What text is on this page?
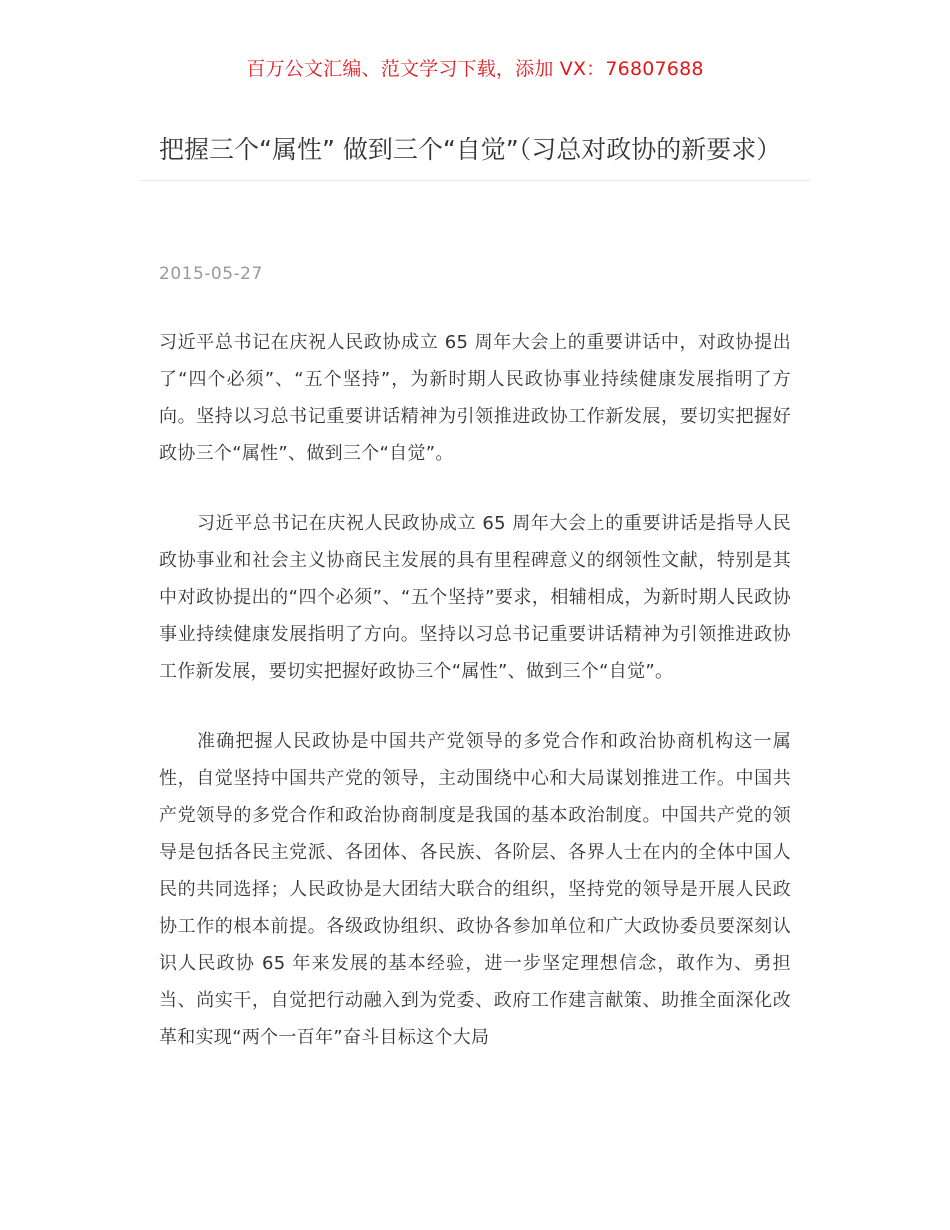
百万公文汇编、范文学习下载，添加 VX：76807688
把握三个“属性” 做到三个“自觉”（习总对政协的新要求）
2015-05-27

习近平总书记在庆祝人民政协成立 65 周年大会上的重要讲话中，对政协提出了“四个必须”、“五个坚持”，为新时期人民政协事业持续健康发展指明了方向。坚持以习总书记重要讲话精神为引领推进政协工作新发展，要切实把握好政协三个“属性”、做到三个“自觉”。

习近平总书记在庆祝人民政协成立 65 周年大会上的重要讲话是指导人民政协事业和社会主义协商民主发展的具有里程碑意义的纲领性文献，特别是其中对政协提出的“四个必须”、“五个坚持”要求，相辅相成，为新时期人民政协事业持续健康发展指明了方向。坚持以习总书记重要讲话精神为引领推进政协工作新发展，要切实把握好政协三个“属性”、做到三个“自觉”。

准确把握人民政协是中国共产党领导的多党合作和政治协商机构这一属性，自觉坚持中国共产党的领导，主动围绕中心和大局谋划推进工作。中国共产党领导的多党合作和政治协商制度是我国的基本政治制度。中国共产党的领导是包括各民主党派、各团体、各民族、各阶层、各界人士在内的全体中国人民的共同选择；人民政协是大团结大联合的组织，坚持党的领导是开展人民政协工作的根本前提。各级政协组织、政协各参加单位和广大政协委员要深刻认识人民政协 65 年来发展的基本经验，进一步坚定理想信念，敢作为、勇担当、尚实干，自觉把行动融入到为党委、政府工作建言献策、助推全面深化改革和实现“两个一百年”奋斗目标这个大局
